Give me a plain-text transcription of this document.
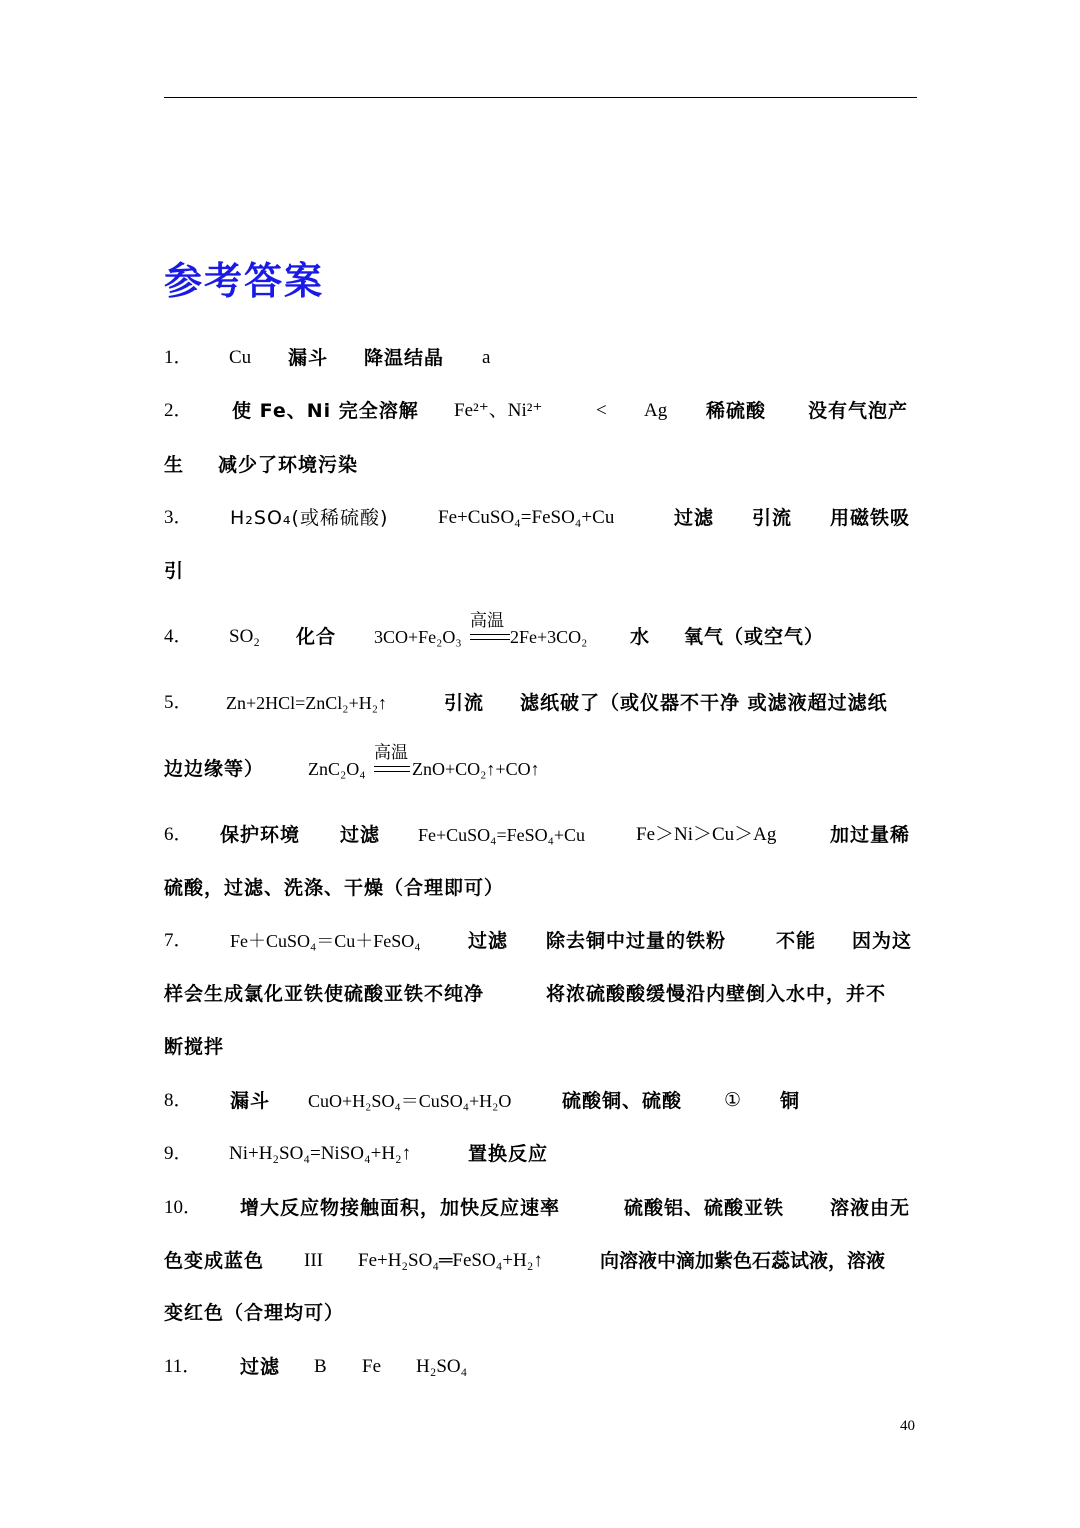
参考答案
1． Cu 漏斗 降温结晶 a
2． 使 Fe、Ni 完全溶解 Fe²⁺、Ni²⁺	< Ag 稀硫酸 没有气泡产
生 减少了环境污染
3． H₂SO₄(或稀硫酸)	Fe+CuSO₄=FeSO₄+Cu	过滤 引流 用磁铁吸
引
4． SO₂ 化合 3CO+Fe₂O₃
高温
2Fe+3CO₂ 水 氧气（或空气）
5． Zn+2HCl=ZnCl₂+H₂↑	引流 滤纸破了（或仪器不干净 或滤液超过滤纸
边边缘等） ZnC₂O₄
高温
ZnO+CO₂↑+CO↑
6． 保护环境 过滤 Fe+CuSO₄=FeSO₄+Cu	Fe＞Ni＞Cu＞Ag	加过量稀
硫酸，过滤、洗涤、干燥（合理即可）
7． Fe＋CuSO₄＝Cu＋FeSO₄ 过滤 除去铜中过量的铁粉	不能 因为这
样会生成氯化亚铁使硫酸亚铁不纯净	将浓硫酸酸缓慢沿内壁倒入水中，并不
断搅拌
8． 漏斗 CuO+H₂SO₄＝CuSO₄+H₂O	硫酸铜、硫酸 ① 铜
9． Ni+H₂SO₄=NiSO₄+H₂↑	置换反应
10． 增大反应物接触面积，加快反应速率	硫酸铝、硫酸亚铁 溶液由无
色变成蓝色 III Fe+H₂SO₄═FeSO₄+H₂↑	向溶液中滴加紫色石蕊试液，溶液
变红色（合理均可）
11． 过滤 B Fe H₂SO₄
40
